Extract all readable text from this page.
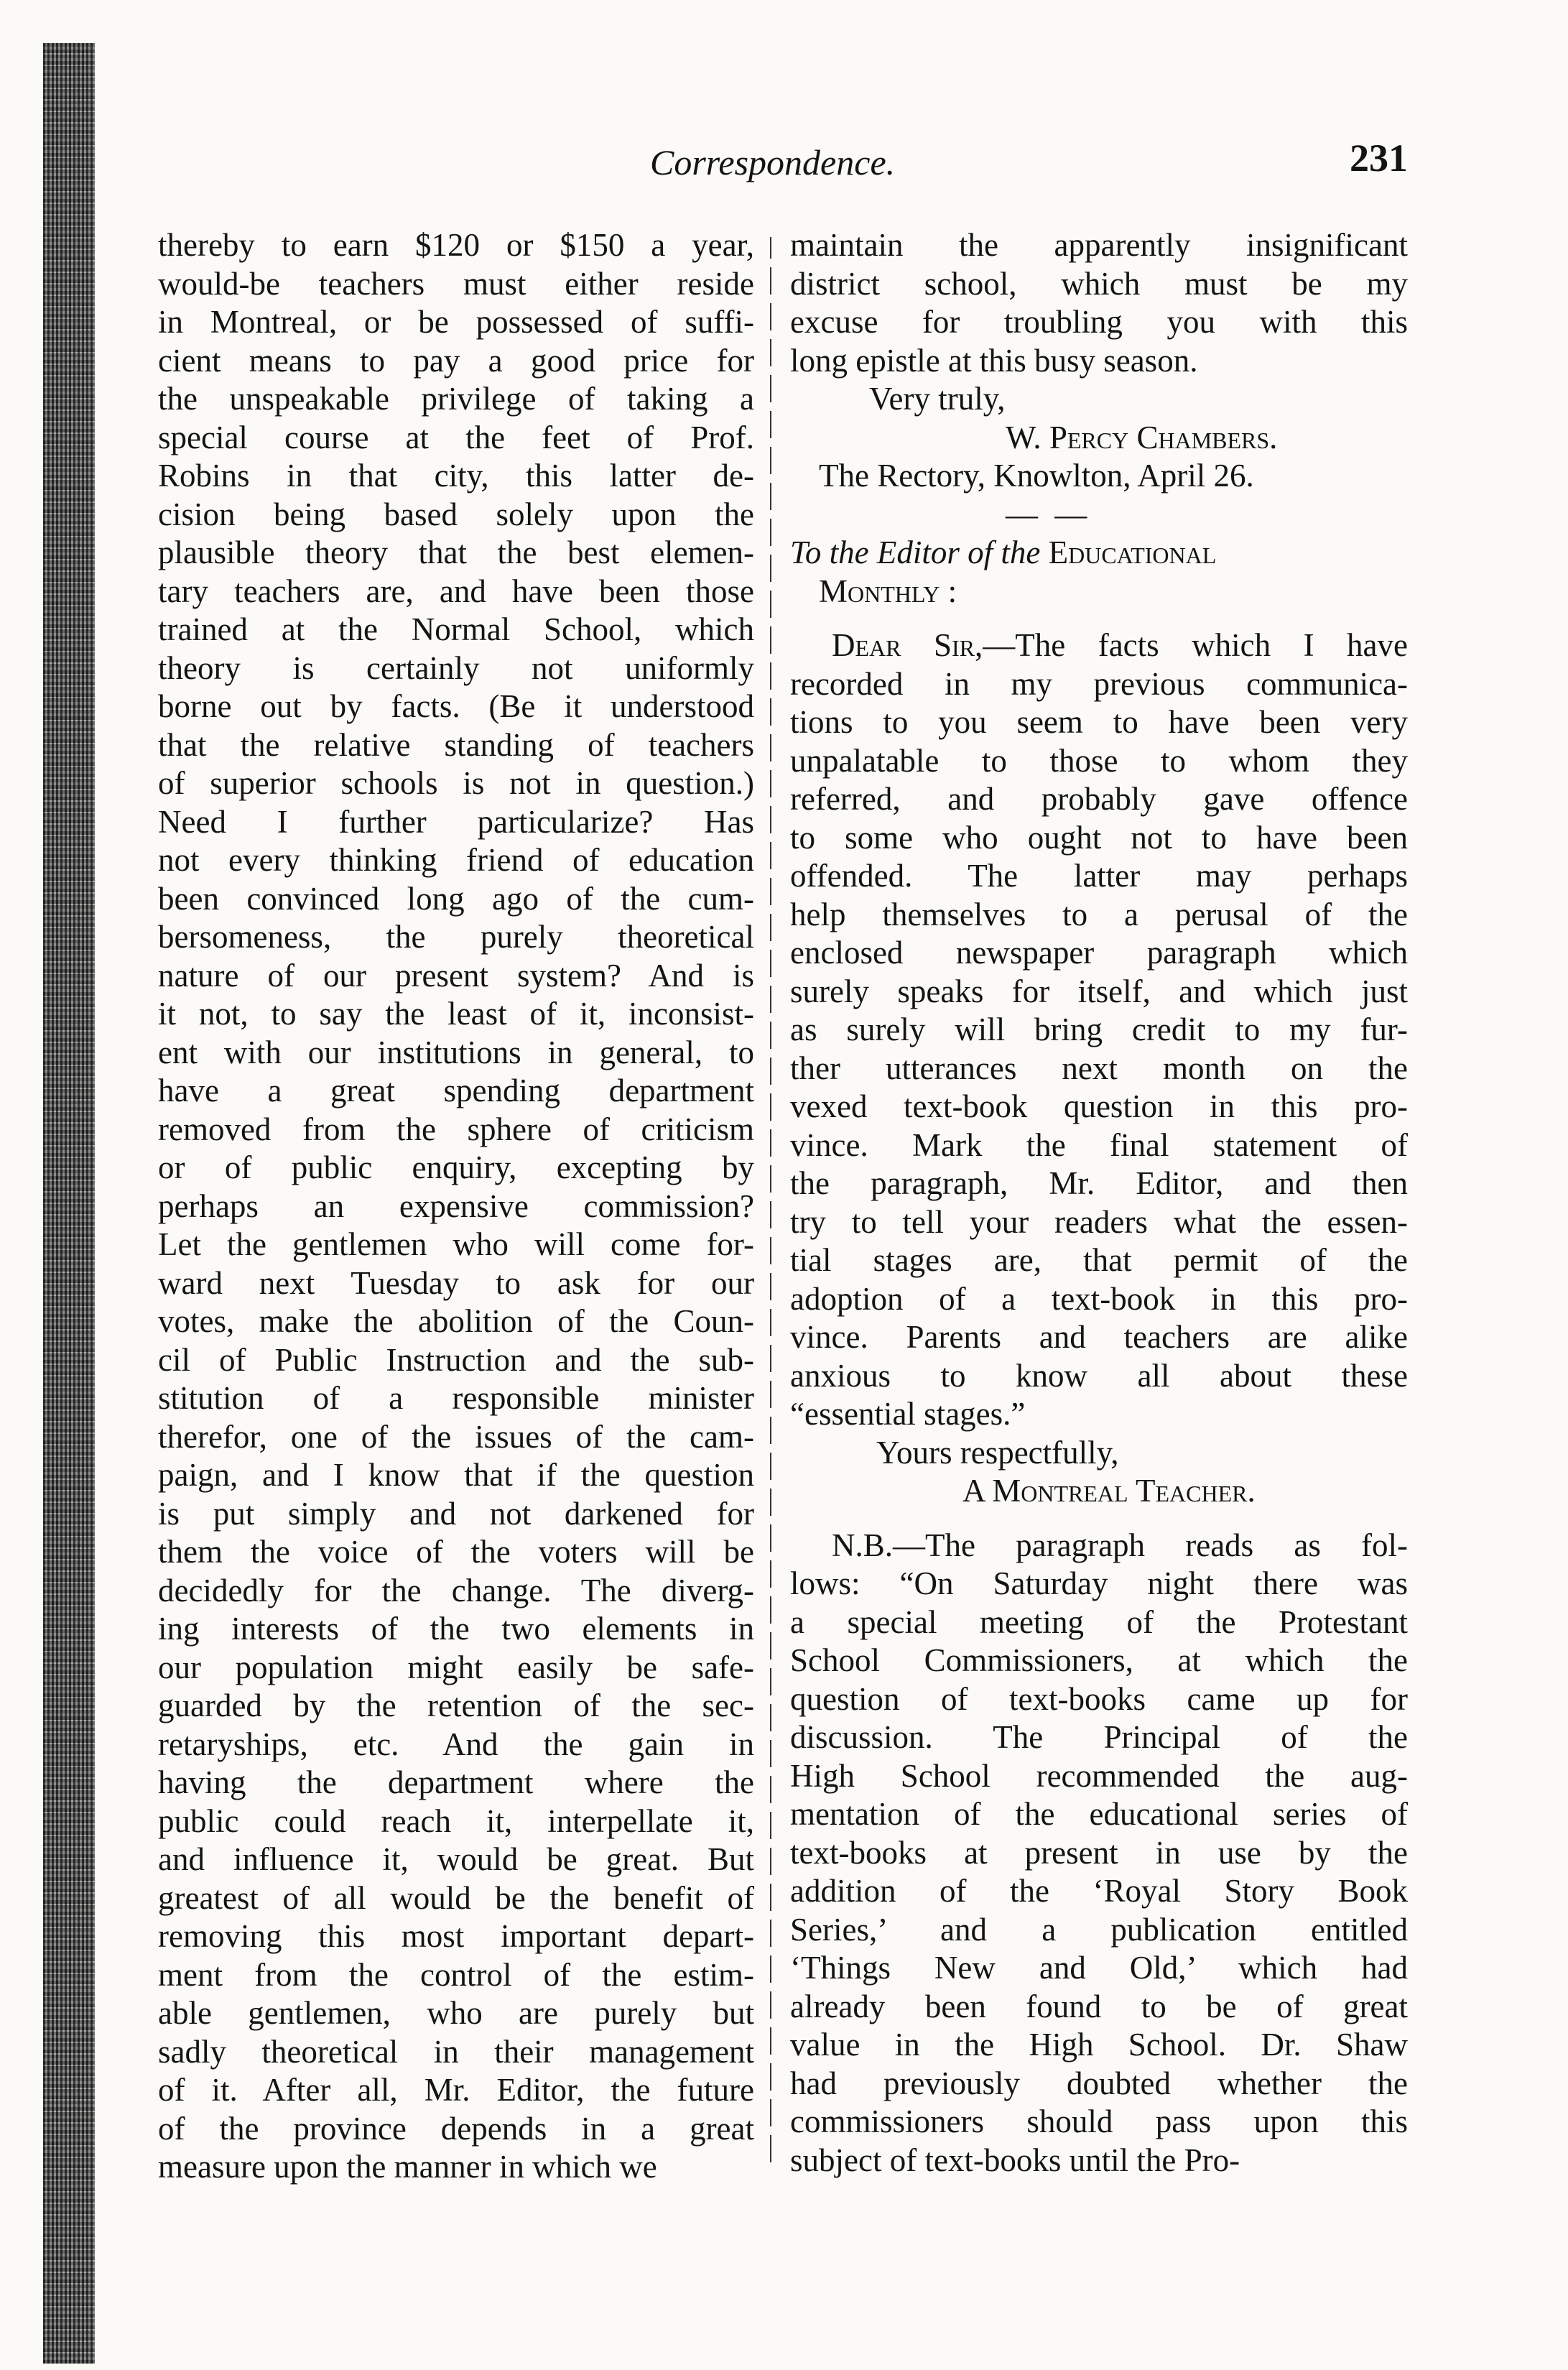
Correspondence.	231
thereby to earn $120 or $150 a year,
would-be teachers must either reside
in Montreal, or be possessed of suffi-
cient means to pay a good price for
the unspeakable privilege of taking a
special course at the feet of Prof.
Robins in that city, this latter de-
cision being based solely upon the
plausible theory that the best elemen-
tary teachers are, and have been those
trained at the Normal School, which
theory is certainly not uniformly
borne out by facts. (Be it understood
that the relative standing of teachers
of superior schools is not in question.)
Need I further particularize? Has
not every thinking friend of education
been convinced long ago of the cum-
bersomeness, the purely theoretical
nature of our present system? And is
it not, to say the least of it, inconsist-
ent with our institutions in general, to
have a great spending department
removed from the sphere of criticism
or of public enquiry, excepting by
perhaps an expensive commission?
Let the gentlemen who will come for-
ward next Tuesday to ask for our
votes, make the abolition of the Coun-
cil of Public Instruction and the sub-
stitution of a responsible minister
therefor, one of the issues of the cam-
paign, and I know that if the question
is put simply and not darkened for
them the voice of the voters will be
decidedly for the change. The diverg-
ing interests of the two elements in
our population might easily be safe-
guarded by the retention of the sec-
retaryships, etc. And the gain in
having the department where the
public could reach it, interpellate it,
and influence it, would be great. But
greatest of all would be the benefit of
removing this most important depart-
ment from the control of the estim-
able gentlemen, who are purely but
sadly theoretical in their management
of it. After all, Mr. Editor, the future
of the province depends in a great
measure upon the manner in which we
maintain the apparently insignificant
district school, which must be my
excuse for troubling you with this
long epistle at this busy season.
Very truly,
W. Percy Chambers.
The Rectory, Knowlton, April 26.
— —
To the Editor of the Educational
Monthly :
Dear Sir,—The facts which I have
recorded in my previous communica-
tions to you seem to have been very
unpalatable to those to whom they
referred, and probably gave offence
to some who ought not to have been
offended. The latter may perhaps
help themselves to a perusal of the
enclosed newspaper paragraph which
surely speaks for itself, and which just
as surely will bring credit to my fur-
ther utterances next month on the
vexed text-book question in this pro-
vince. Mark the final statement of
the paragraph, Mr. Editor, and then
try to tell your readers what the essen-
tial stages are, that permit of the
adoption of a text-book in this pro-
vince. Parents and teachers are alike
anxious to know all about these
“essential stages.”
Yours respectfully,
A Montreal Teacher.
N.B.—The paragraph reads as fol-
lows: “On Saturday night there was
a special meeting of the Protestant
School Commissioners, at which the
question of text-books came up for
discussion. The Principal of the
High School recommended the aug-
mentation of the educational series of
text-books at present in use by the
addition of the ‘Royal Story Book
Series,’ and a publication entitled
‘Things New and Old,’ which had
already been found to be of great
value in the High School. Dr. Shaw
had previously doubted whether the
commissioners should pass upon this
subject of text-books until the Pro-
